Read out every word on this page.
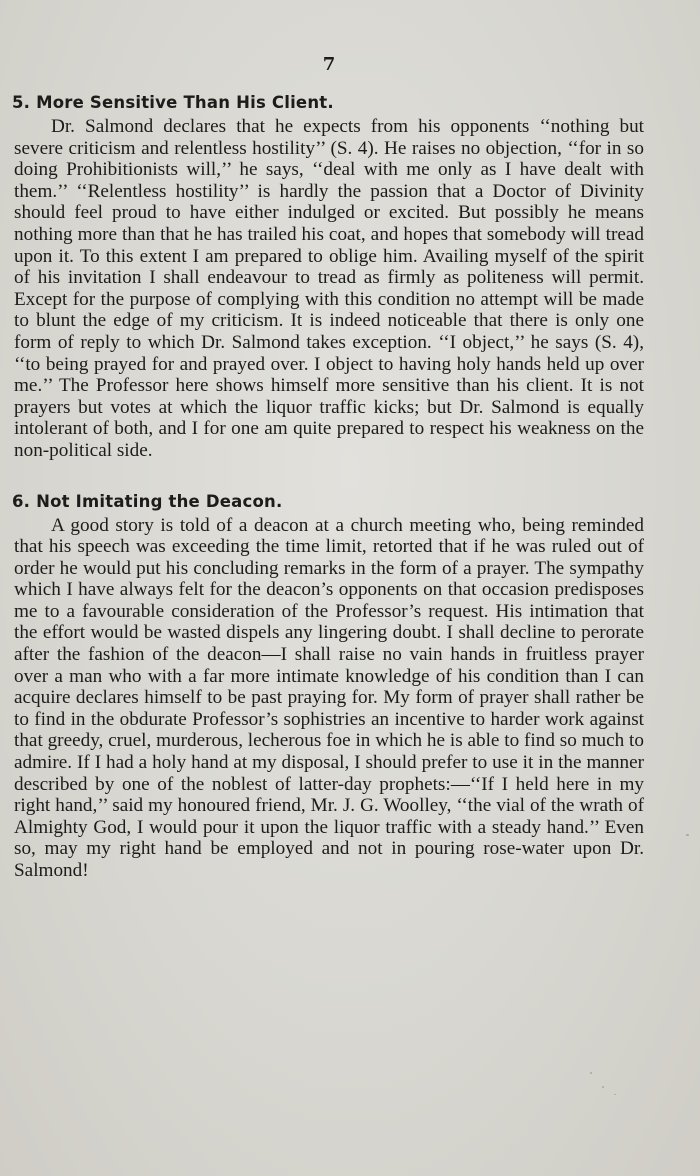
7
5. More Sensitive Than His Client.

Dr. Salmond declares that he expects from his opponents ‘‘nothing but severe criticism and relentless hostility’’ (S. 4). He raises no objection, ‘‘for in so doing Prohibitionists will,’’ he says, ‘‘deal with me only as I have dealt with them.’’ ‘‘Relentless hostility’’ is hardly the passion that a Doctor of Divinity should feel proud to have either indulged or excited. But possibly he means nothing more than that he has trailed his coat, and hopes that somebody will tread upon it. To this extent I am prepared to oblige him. Availing myself of the spirit of his invitation I shall endeavour to tread as firmly as politeness will permit. Except for the purpose of complying with this condition no attempt will be made to blunt the edge of my criticism. It is indeed noticeable that there is only one form of reply to which Dr. Salmond takes exception. ‘‘I object,’’ he says (S. 4), ‘‘to being prayed for and prayed over. I object to having holy hands held up over me.’’ The Professor here shows himself more sensitive than his client. It is not prayers but votes at which the liquor traffic kicks; but Dr. Salmond is equally intolerant of both, and I for one am quite prepared to respect his weakness on the non-political side.

6. Not Imitating the Deacon.

A good story is told of a deacon at a church meeting who, being reminded that his speech was exceeding the time limit, retorted that if he was ruled out of order he would put his concluding remarks in the form of a prayer. The sympathy which I have always felt for the deacon’s opponents on that occasion predisposes me to a favourable consideration of the Professor’s request. His intimation that the effort would be wasted dispels any lingering doubt. I shall decline to perorate after the fashion of the deacon—I shall raise no vain hands in fruitless prayer over a man who with a far more intimate knowledge of his condition than I can acquire declares himself to be past praying for. My form of prayer shall rather be to find in the obdurate Professor’s sophistries an incentive to harder work against that greedy, cruel, murderous, lecherous foe in which he is able to find so much to admire. If I had a holy hand at my disposal, I should prefer to use it in the manner described by one of the noblest of latter-day prophets:—‘‘If I held here in my right hand,’’ said my honoured friend, Mr. J. G. Woolley, ‘‘the vial of the wrath of Almighty God, I would pour it upon the liquor traffic with a steady hand.’’ Even so, may my right hand be employed and not in pouring rose-water upon Dr. Salmond!
